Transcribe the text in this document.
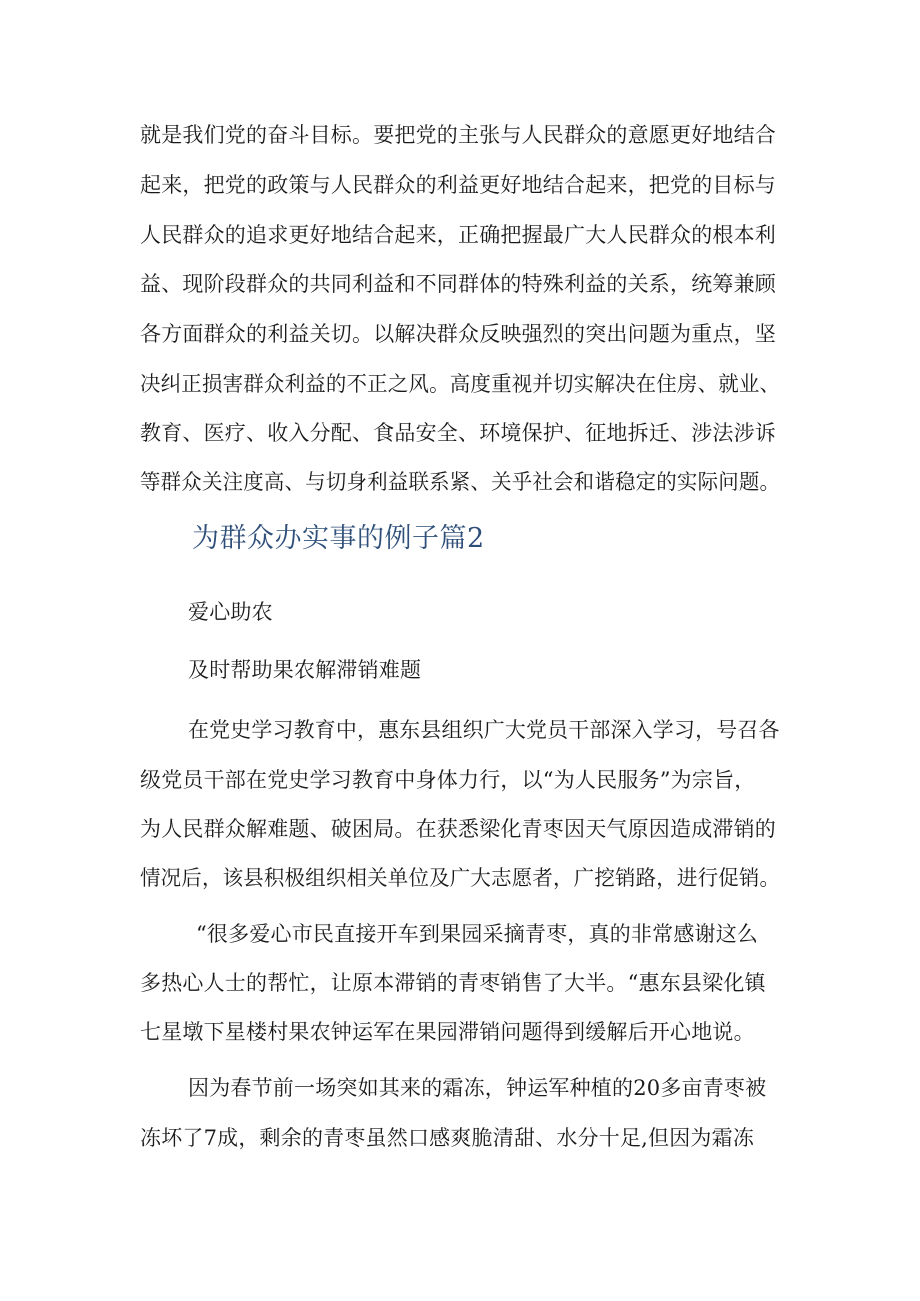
就是我们党的奋斗目标。要把党的主张与人民群众的意愿更好地结合
起来，把党的政策与人民群众的利益更好地结合起来，把党的目标与
人民群众的追求更好地结合起来，正确把握最广大人民群众的根本利
益、现阶段群众的共同利益和不同群体的特殊利益的关系，统筹兼顾
各方面群众的利益关切。以解决群众反映强烈的突出问题为重点，坚
决纠正损害群众利益的不正之风。高度重视并切实解决在住房、就业、
教育、医疗、收入分配、食品安全、环境保护、征地拆迁、涉法涉诉
等群众关注度高、与切身利益联系紧、关乎社会和谐稳定的实际问题。
为群众办实事的例子篇2
爱心助农
及时帮助果农解滞销难题
在党史学习教育中，惠东县组织广大党员干部深入学习，号召各
级党员干部在党史学习教育中身体力行，以“为人民服务”为宗旨，
为人民群众解难题、破困局。在获悉梁化青枣因天气原因造成滞销的
情况后，该县积极组织相关单位及广大志愿者，广挖销路，进行促销。
“很多爱心市民直接开车到果园采摘青枣，真的非常感谢这么
多热心人士的帮忙，让原本滞销的青枣销售了大半。“惠东县梁化镇
七星墩下星楼村果农钟运军在果园滞销问题得到缓解后开心地说。
因为春节前一场突如其来的霜冻，钟运军种植的20多亩青枣被
冻坏了7成，剩余的青枣虽然口感爽脆清甜、水分十足,但因为霜冻
